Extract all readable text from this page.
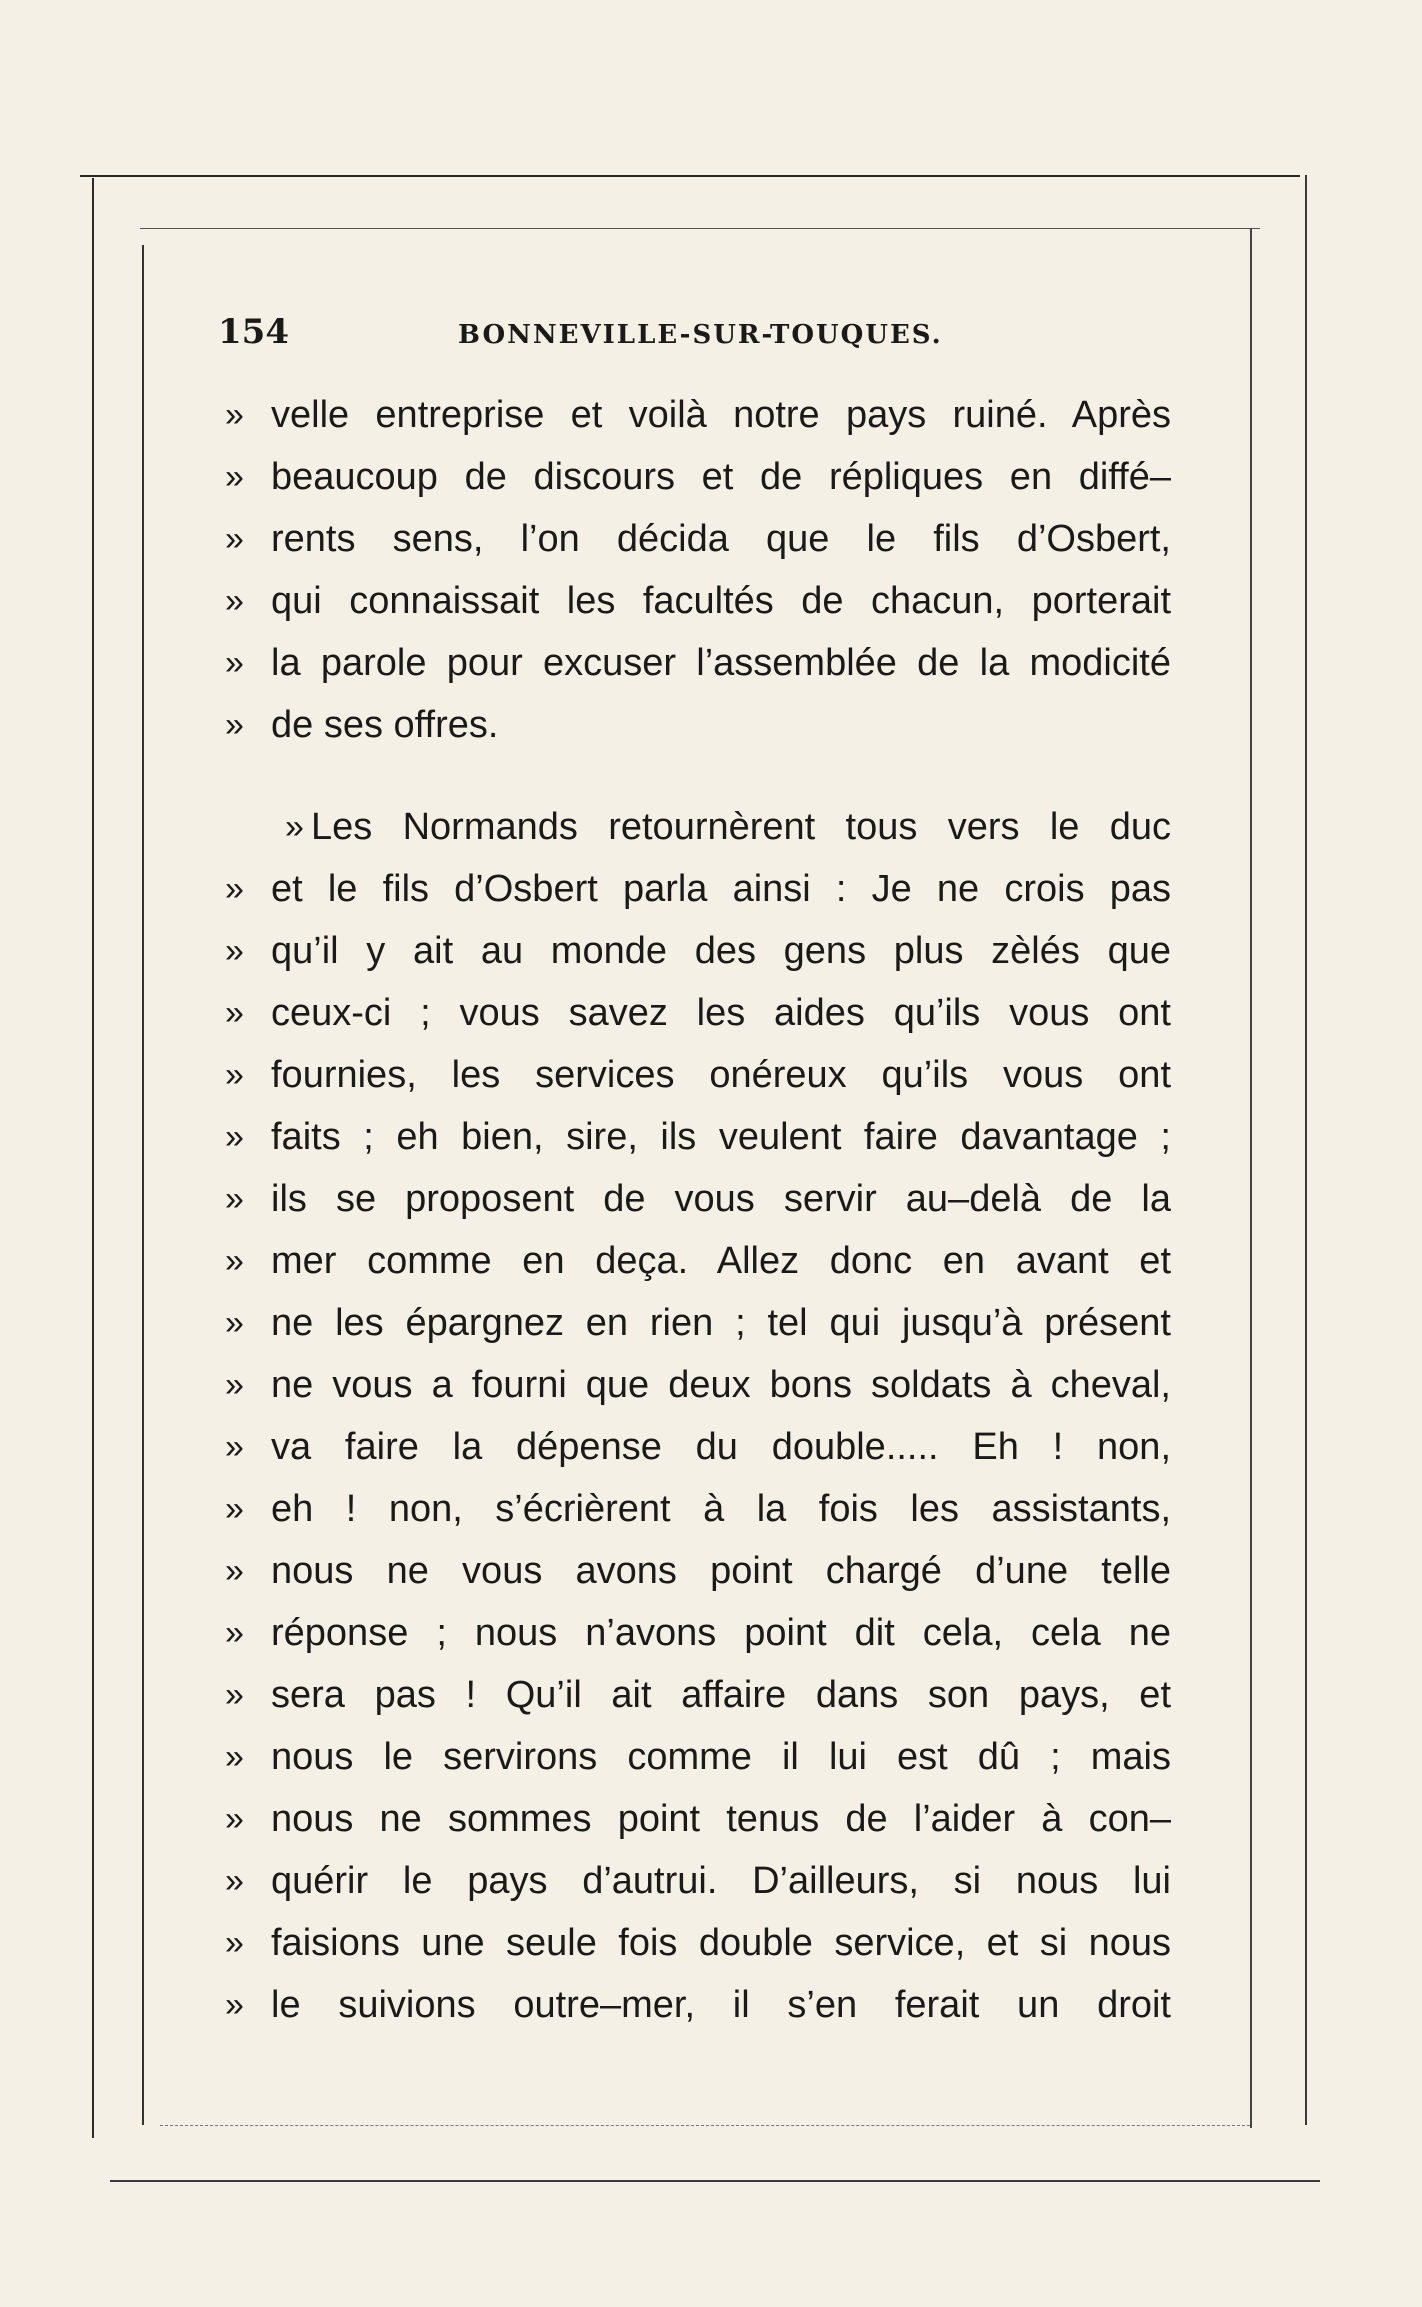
154	BONNEVILLE-SUR-TOUQUES.
» velle entreprise et voilà notre pays ruiné. Après
» beaucoup de discours et de répliques en diffé–
» rents sens, l’on décida que le fils d’Osbert,
» qui connaissait les facultés de chacun, porterait
» la parole pour excuser l’assemblée de la modicité
» de ses offres.
» Les Normands retournèrent tous vers le duc
» et le fils d’Osbert parla ainsi : Je ne crois pas
» qu’il y ait au monde des gens plus zèlés que
» ceux-ci ; vous savez les aides qu’ils vous ont
» fournies, les services onéreux qu’ils vous ont
» faits ; eh bien, sire, ils veulent faire davantage ;
» ils se proposent de vous servir au–delà de la
» mer comme en deça. Allez donc en avant et
» ne les épargnez en rien ; tel qui jusqu’à présent
» ne vous a fourni que deux bons soldats à cheval,
» va faire la dépense du double..... Eh ! non,
» eh ! non, s’écrièrent à la fois les assistants,
» nous ne vous avons point chargé d’une telle
» réponse ; nous n’avons point dit cela, cela ne
» sera pas ! Qu’il ait affaire dans son pays, et
» nous le servirons comme il lui est dû ; mais
» nous ne sommes point tenus de l’aider à con–
» quérir le pays d’autrui. D’ailleurs, si nous lui
» faisions une seule fois double service, et si nous
» le suivions outre–mer, il s’en ferait un droit
